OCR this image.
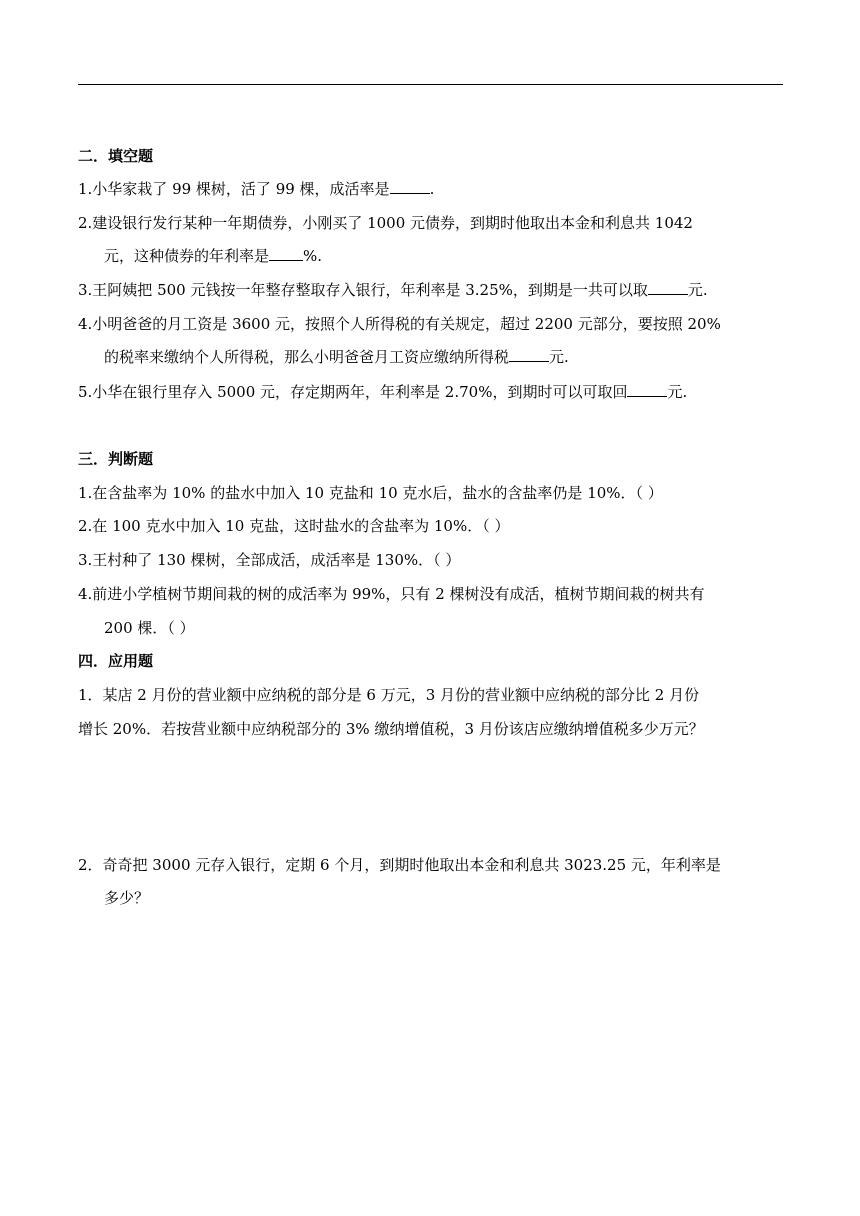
二．填空题
1.小华家栽了 99 棵树，活了 99 棵，成活率是	.
2.建设银行发行某种一年期债券，小刚买了 1000 元债券，到期时他取出本金和利息共 1042
元，这种债券的年利率是 %.
3.王阿姨把 500 元钱按一年整存整取存入银行，年利率是 3.25%，到期是一共可以取	元.
4.小明爸爸的月工资是 3600 元，按照个人所得税的有关规定，超过 2200 元部分，要按照 20%
的税率来缴纳个人所得税，那么小明爸爸月工资应缴纳所得税	元.
5.小华在银行里存入 5000 元，存定期两年，年利率是 2.70%，到期时可以可取回	元.
三．判断题
1.在含盐率为 10% 的盐水中加入 10 克盐和 10 克水后，盐水的含盐率仍是 10%．（ ）
2.在 100 克水中加入 10 克盐，这时盐水的含盐率为 10%．（ ）
3.王村种了 130 棵树，全部成活，成活率是 130%．（ ）
4.前进小学植树节期间栽的树的成活率为 99%，只有 2 棵树没有成活，植树节期间栽的树共有
200 棵．（ ）
四．应用题
1．某店 2 月份的营业额中应纳税的部分是 6 万元，3 月份的营业额中应纳税的部分比 2 月份
增长 20%．若按营业额中应纳税部分的 3% 缴纳增值税，3 月份该店应缴纳增值税多少万元？
2．奇奇把 3000 元存入银行，定期 6 个月，到期时他取出本金和利息共 3023.25 元，年利率是
多少？
